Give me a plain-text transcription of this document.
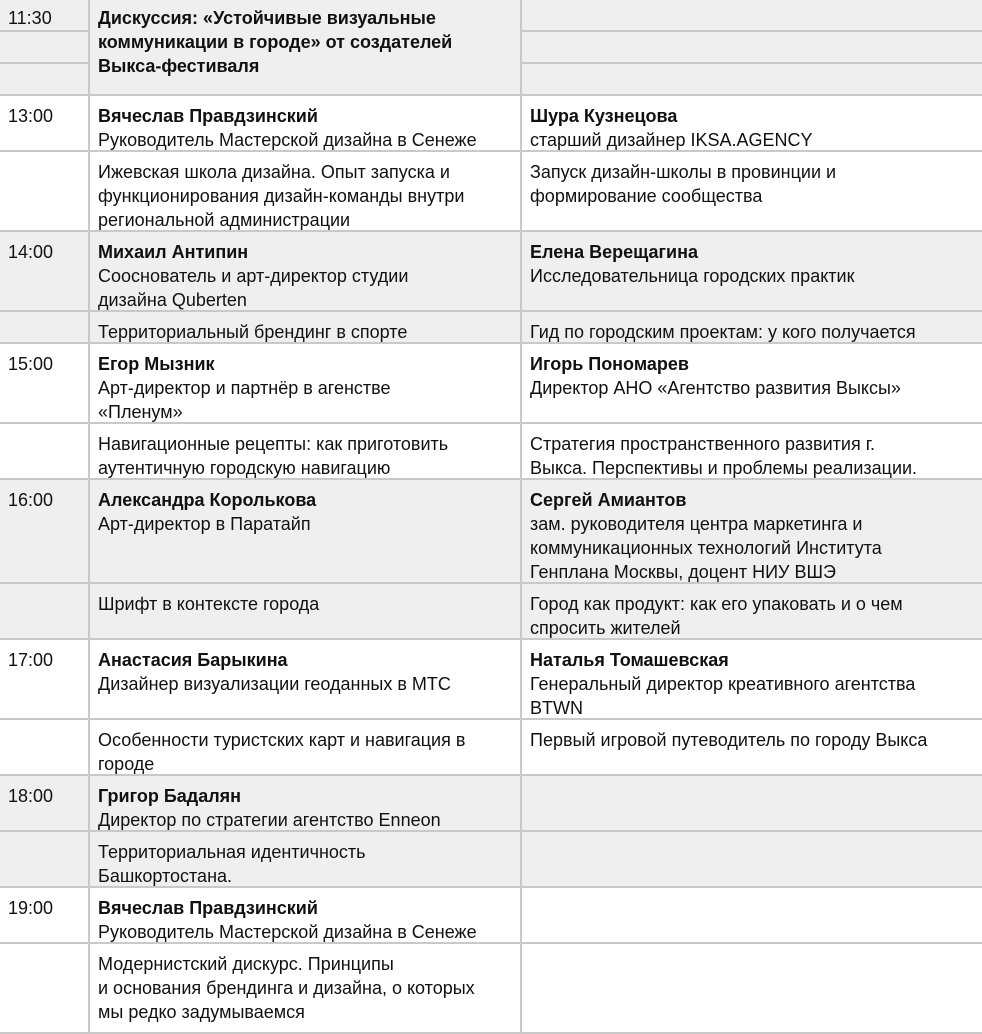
11:30	Дискуссия: «Устойчивые визуальные
коммуникации в городе» от создателей
Выкса-фестиваля
13:00 Вячеслав Правдзинский
Руководитель Мастерской дизайна в Сенеже
Ижевская школа дизайна. Опыт запуска и
функционирования дизайн-команды внутри
региональной администрации
Шура Кузнецова
старший дизайнер IKSA.AGENCY
Запуск дизайн-школы в провинции и
формирование сообщества
14:00 Михаил Антипин
Сооснователь и арт-директор студии
дизайна Quberten
Территориальный брендинг в спорте
Елена Верещагина
Исследовательница городских практик
Гид по городским проектам: у кого получается
15:00 Егор Мызник
Арт-директор и партнёр в агенстве
«Пленум»
Навигационные рецепты: как приготовить
аутентичную городскую навигацию
Игорь Пономарев
Директор АНО «Агентство развития Выксы»
Стратегия пространственного развития г.
Выкса. Перспективы и проблемы реализации.
16:00 Александра Королькова
Арт-директор в Паратайп
Шрифт в контексте города
Сергей Амиантов
зам. руководителя центра маркетинга и
коммуникационных технологий Института
Генплана Москвы, доцент НИУ ВШЭ
Город как продукт: как его упаковать и о чем
спросить жителей
17:00 Анастасия Барыкина
Дизайнер визуализации геоданных в МТС
Особенности туристских карт и навигация в
городе
Наталья Томашевская
Генеральный директор креативного агентства
BTWN
Первый игровой путеводитель по городу Выкса
18:00 Григор Бадалян
Директор по стратегии агентство Enneon
Территориальная идентичность
Башкортостана.
19:00 Вячеслав Правдзинский
Руководитель Мастерской дизайна в Сенеже
Модернистский дискурс. Принципы
и основания брендинга и дизайна, о которых
мы редко задумываемся
